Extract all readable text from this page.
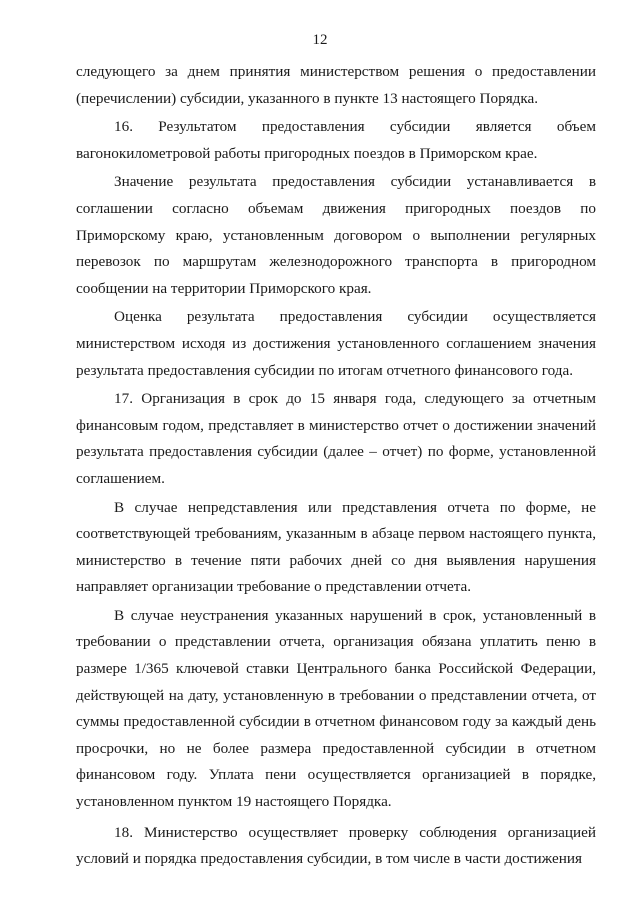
12

следующего за днем принятия министерством решения о предоставлении (перечислении) субсидии, указанного в пункте 13 настоящего Порядка.

16. Результатом предоставления субсидии является объем вагонокилометровой работы пригородных поездов в Приморском крае.

Значение результата предоставления субсидии устанавливается в соглашении согласно объемам движения пригородных поездов по Приморскому краю, установленным договором о выполнении регулярных перевозок по маршрутам железнодорожного транспорта в пригородном сообщении на территории Приморского края.

Оценка результата предоставления субсидии осуществляется министерством исходя из достижения установленного соглашением значения результата предоставления субсидии по итогам отчетного финансового года.

17. Организация в срок до 15 января года, следующего за отчетным финансовым годом, представляет в министерство отчет о достижении значений результата предоставления субсидии (далее – отчет) по форме, установленной соглашением.

В случае непредставления или представления отчета по форме, не соответствующей требованиям, указанным в абзаце первом настоящего пункта, министерство в течение пяти рабочих дней со дня выявления нарушения направляет организации требование о представлении отчета.

В случае неустранения указанных нарушений в срок, установленный в требовании о представлении отчета, организация обязана уплатить пеню в размере 1/365 ключевой ставки Центрального банка Российской Федерации, действующей на дату, установленную в требовании о представлении отчета, от суммы предоставленной субсидии в отчетном финансовом году за каждый день просрочки, но не более размера предоставленной субсидии в отчетном финансовом году. Уплата пени осуществляется организацией в порядке, установленном пунктом 19 настоящего Порядка.

18. Министерство осуществляет проверку соблюдения организацией условий и порядка предоставления субсидии, в том числе в части достижения
